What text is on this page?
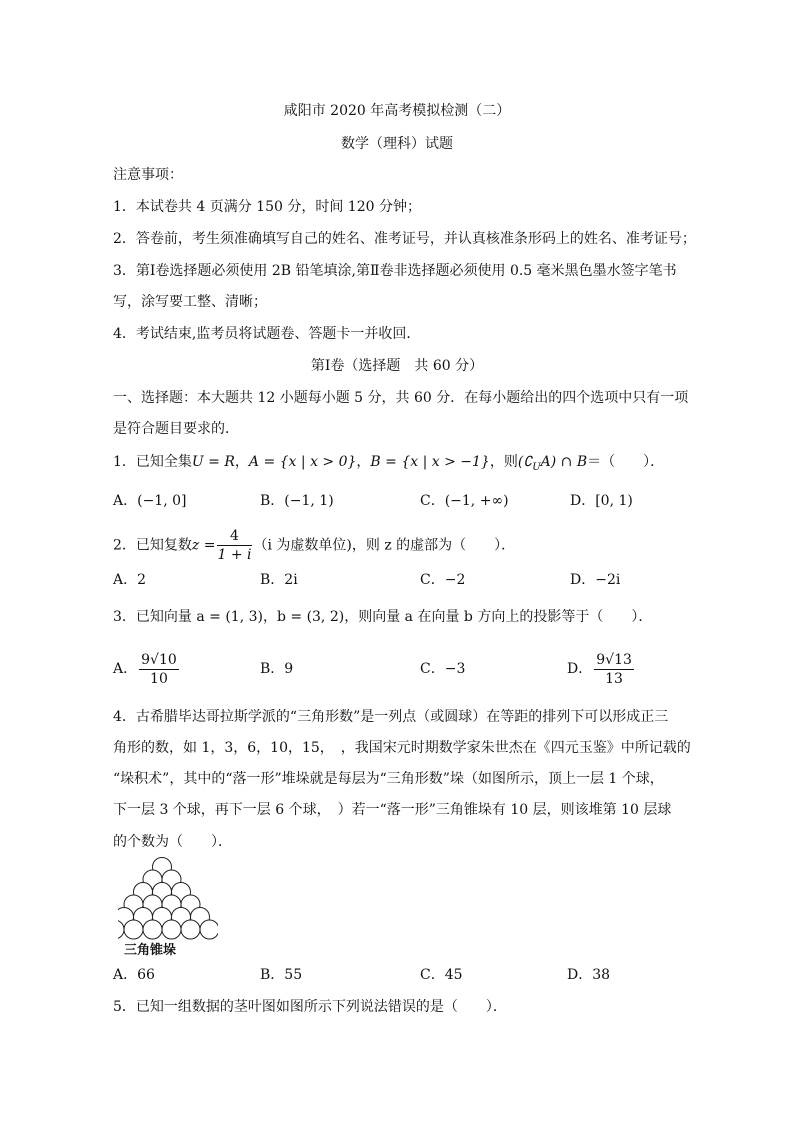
咸阳市 2020 年高考模拟检测（二）
数学（理科）试题
注意事项：
1．本试卷共 4 页满分 150 分，时间 120 分钟；
2．答卷前，考生须准确填写自己的姓名、准考证号，并认真核准条形码上的姓名、准考证号；
3．第Ⅰ卷选择题必须使用 2B 铅笔填涂,第Ⅱ卷非选择题必须使用 0.5 毫米黑色墨水签字笔书
写，涂写要工整、清晰；
4．考试结束,监考员将试题卷、答题卡一并收回．
第Ⅰ卷（选择题　共 60 分）
一、选择题：本大题共 12 小题每小题 5 分，共 60 分．在每小题给出的四个选项中只有一项
是符合题目要求的．
1．已知全集U = R，A = {x | x > 0}，B = {x | x > −1}，则$(∁_UA)$ ∩ B＝（　　）．
A．(−1, 0]	B．(−1, 1)	C．(−1, +∞)	D．[0, 1)
2．已知复数$z = \frac{4}{1 + i} (i$ 为虚数单位)，则 z 的虚部为（　　）．
A．2	B．2i	C．−2	D．−2i
3．已知向量 a = (1, 3)，b = (3, 2)，则向量 a 在向量 b 方向上的投影等于（　　）．
A． $\frac{9√10}{10}$	B．9	C．−3	D． $\frac{9√13}{13}$
4．古希腊毕达哥拉斯学派的“三角形数”是一列点（或圆球）在等距的排列下可以形成正三
角形的数，如 1，3，6，10，15，　，我国宋元时期数学家朱世杰在《四元玉鉴》中所记载的
“垛积术”，其中的“落一形”堆垛就是每层为“三角形数”垛（如图所示，顶上一层 1 个球，
下一层 3 个球，再下一层 6 个球，　）若一“落一形”三角锥垛有 10 层，则该堆第 10 层球
的个数为（　　）．
三角锥垛
A．66	B．55	C．45	D．38
5．已知一组数据的茎叶图如图所示下列说法错误的是（　　）．
